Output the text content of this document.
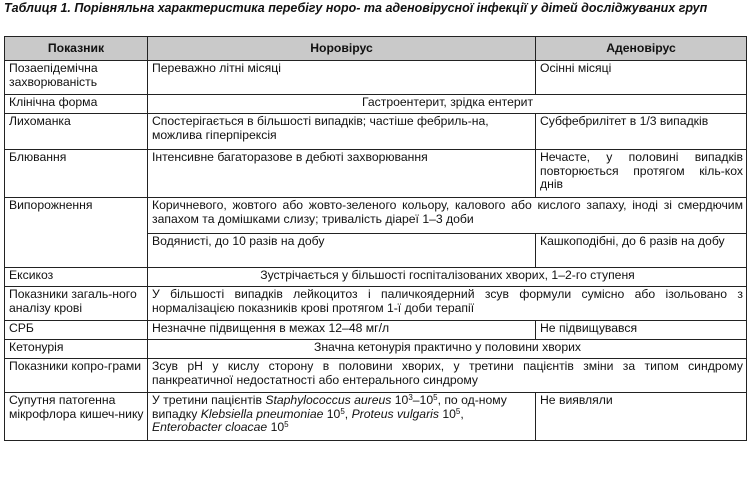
Таблиця 1. Порівняльна характеристика перебігу норо- та аденовірусної інфекції у дітей досліджуваних груп
Показник	Норовірус	Аденовірус
Позаепідемічна захворюваність	Переважно літні місяці	Осінні місяці
Клінічна форма	Гастроентерит, зрідка ентерит	
Лихоманка	Спостерігається в більшості випадків; частіше фебриль-на, можлива гіперпірексія	Субфебрилітет в 1/3 випадків
Блювання	Інтенсивне багаторазове в дебюті захворювання	Нечасте, у половині випадків повторюється протягом кіль-кох днів
Випорожнення	Коричневого, жовтого або жовто-зеленого кольору, калового або кислого запаху, іноді зі смердючим запахом та домішками слизу; тривалість діареї 1–3 доби	
	Водянисті, до 10 разів на добу	Кашкоподібні, до 6 разів на добу
Ексикоз	Зустрічається у більшості госпіталізованих хворих, 1–2-го ступеня	
Показники загаль-ного аналізу крові	У більшості випадків лейкоцитоз і паличкоядерний зсув формули сумісно або ізольовано з нормалізацією показників крові протягом 1-ї доби терапії	
СРБ	Незначне підвищення в межах 12–48 мг/л	Не підвищувався
Кетонурія	Значна кетонурія практично у половини хворих	
Показники копро-грами	Зсув рН у кислу сторону в половини хворих, у третини пацієнтів зміни за типом синдрому панкреатичної недостатності або ентерального синдрому	
Супутня патогенна мікрофлора кишеч-нику	У третини пацієнтів Staphylococcus aureus $10^3-10^5$, по од-ному випадку Klebsiella pneumoniae $10^5$, Proteus vulgaris $10^5$, Enterobacter cloacae $10^5$	Не виявляли
